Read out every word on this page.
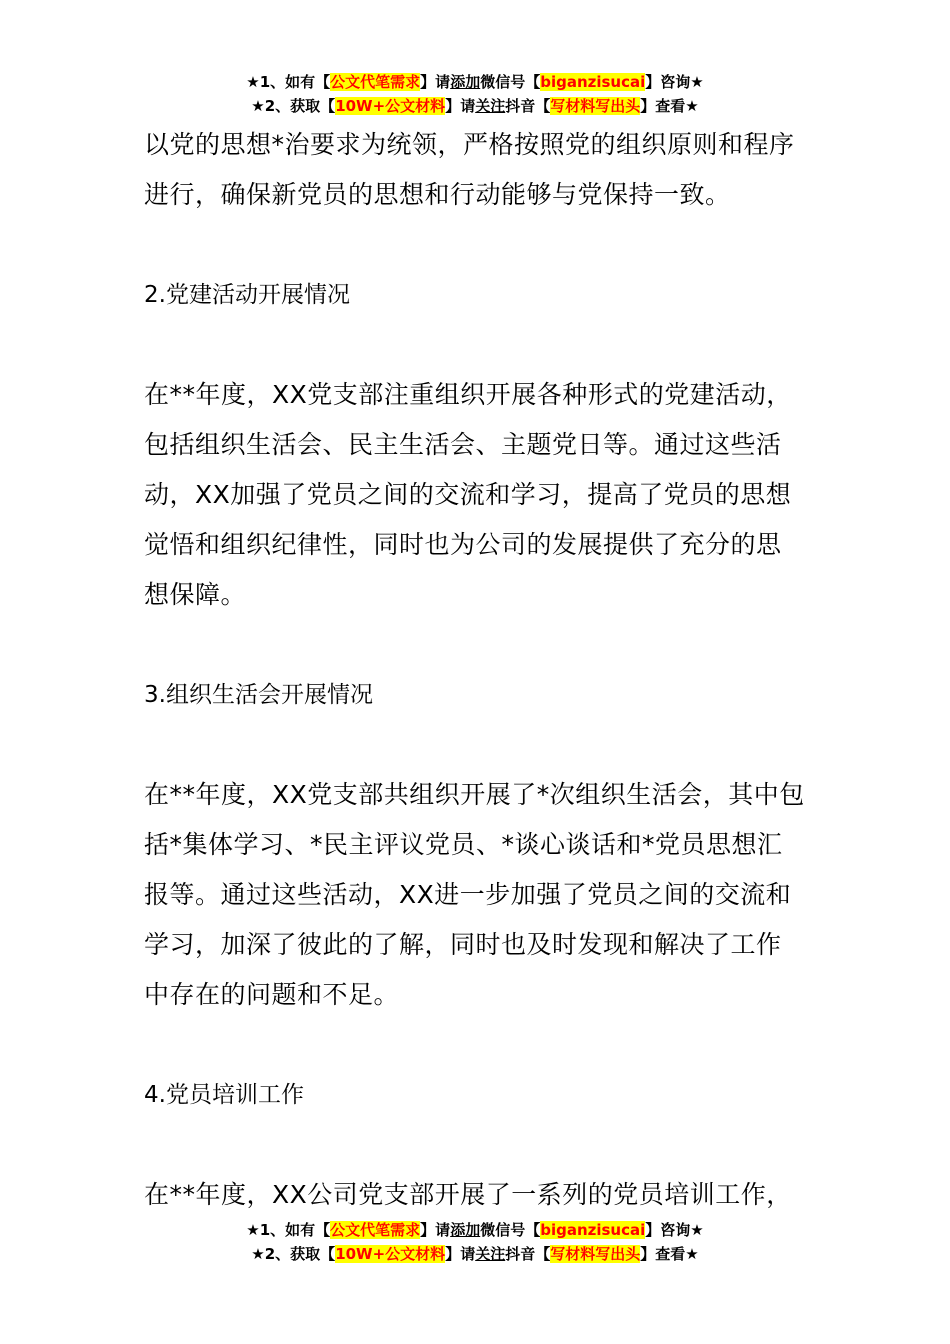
★1、如有【公文代笔需求】请添加微信号【biganzisucai】咨询★
★2、获取【10W+公文材料】请关注抖音【写材料写出头】查看★

以党的思想*治要求为统领，严格按照党的组织原则和程序

进行，确保新党员的思想和行动能够与党保持一致。

2.党建活动开展情况

在**年度，XX党支部注重组织开展各种形式的党建活动，

包括组织生活会、民主生活会、主题党日等。通过这些活

动，XX加强了党员之间的交流和学习，提高了党员的思想

觉悟和组织纪律性，同时也为公司的发展提供了充分的思

想保障。

3.组织生活会开展情况

在**年度，XX党支部共组织开展了*次组织生活会，其中包

括*集体学习、*民主评议党员、*谈心谈话和*党员思想汇

报等。通过这些活动，XX进一步加强了党员之间的交流和

学习，加深了彼此的了解，同时也及时发现和解决了工作

中存在的问题和不足。

4.党员培训工作

在**年度，XX公司党支部开展了一系列的党员培训工作，

★1、如有【公文代笔需求】请添加微信号【biganzisucai】咨询★
★2、获取【10W+公文材料】请关注抖音【写材料写出头】查看★
